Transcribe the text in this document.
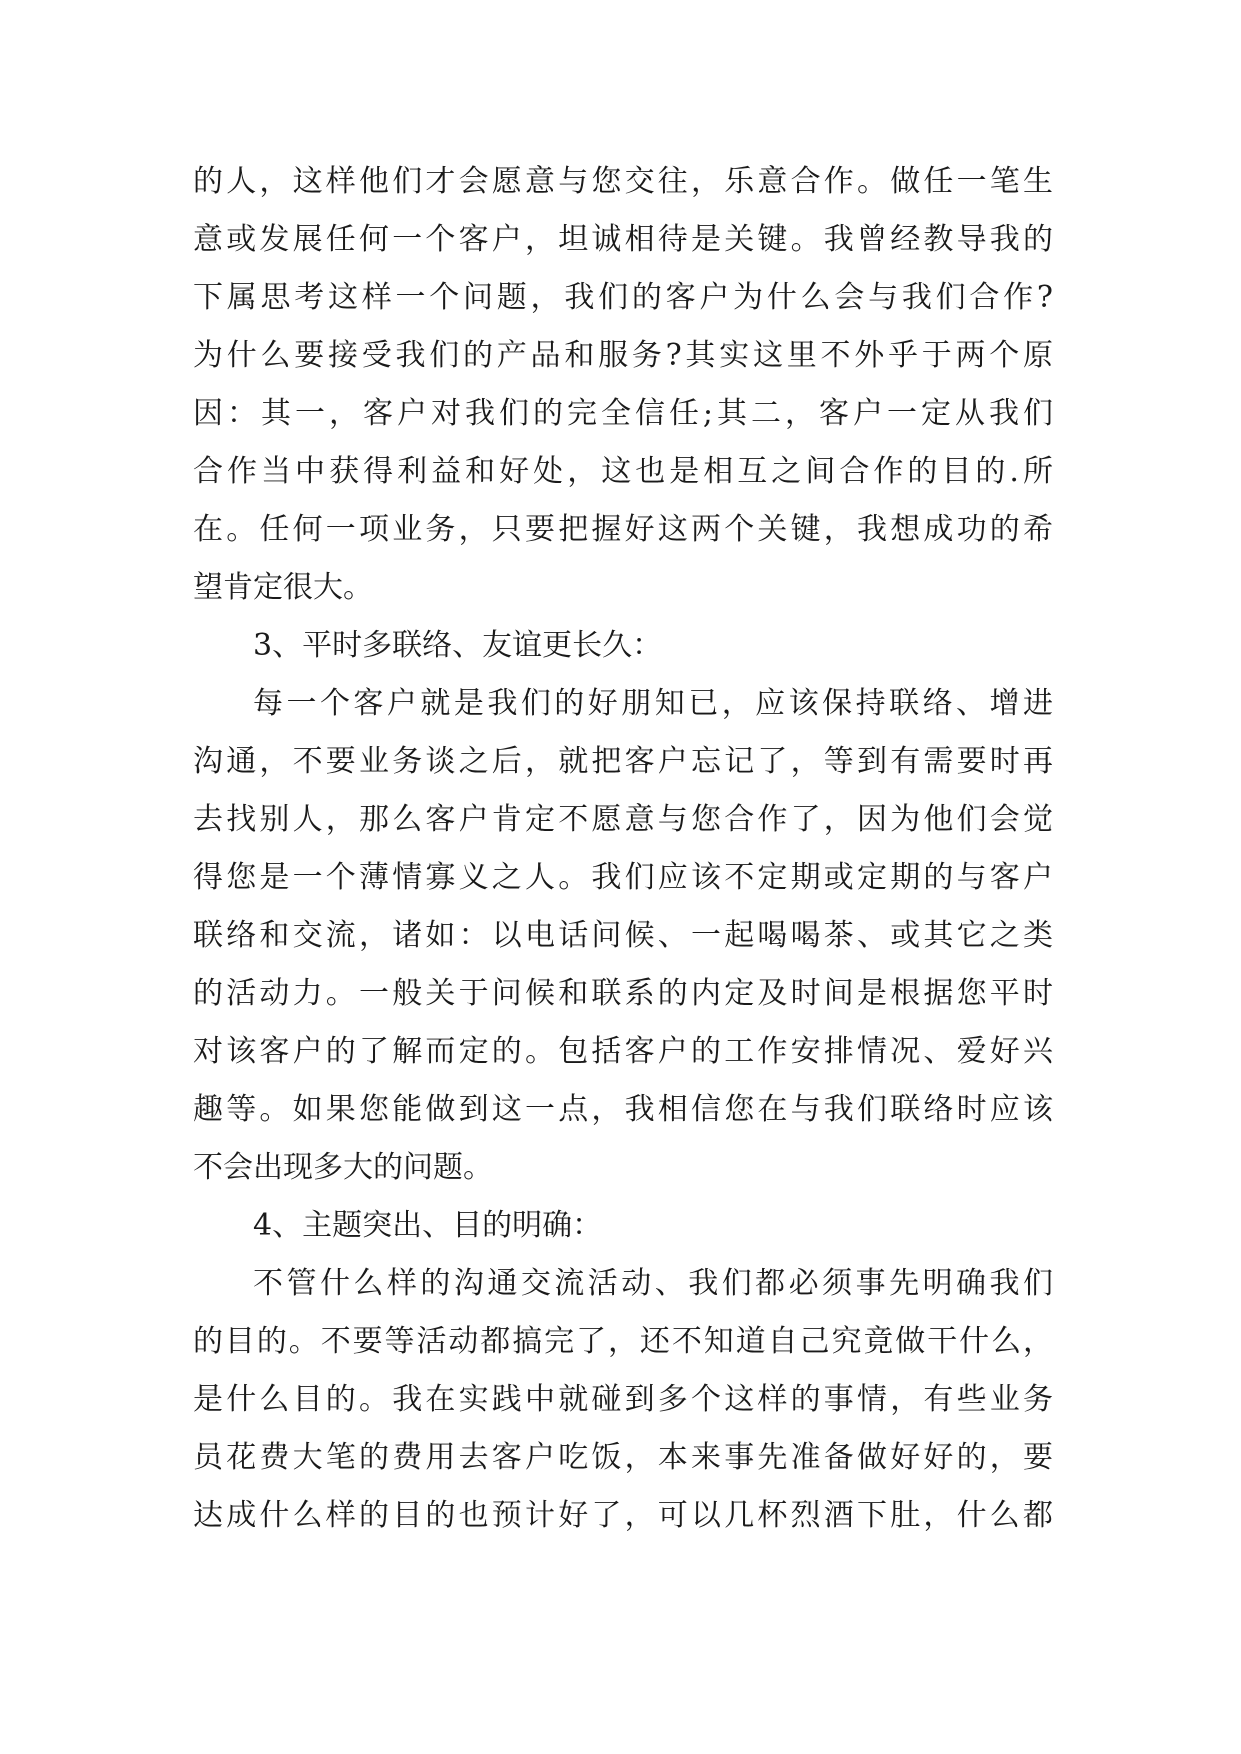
的人，这样他们才会愿意与您交往，乐意合作。做任一笔生
意或发展任何一个客户，坦诚相待是关键。我曾经教导我的
下属思考这样一个问题，我们的客户为什么会与我们合作?
为什么要接受我们的产品和服务?其实这里不外乎于两个原
因：其一，客户对我们的完全信任;其二，客户一定从我们
合作当中获得利益和好处，这也是相互之间合作的目的.所
在。任何一项业务，只要把握好这两个关键，我想成功的希
望肯定很大。
3、平时多联络、友谊更长久：
每一个客户就是我们的好朋知已，应该保持联络、增进
沟通，不要业务谈之后，就把客户忘记了，等到有需要时再
去找别人，那么客户肯定不愿意与您合作了，因为他们会觉
得您是一个薄情寡义之人。我们应该不定期或定期的与客户
联络和交流，诸如：以电话问候、一起喝喝茶、或其它之类
的活动力。一般关于问候和联系的内定及时间是根据您平时
对该客户的了解而定的。包括客户的工作安排情况、爱好兴
趣等。如果您能做到这一点，我相信您在与我们联络时应该
不会出现多大的问题。
4、主题突出、目的明确：
不管什么样的沟通交流活动、我们都必须事先明确我们
的目的。不要等活动都搞完了，还不知道自己究竟做干什么，
是什么目的。我在实践中就碰到多个这样的事情，有些业务
员花费大笔的费用去客户吃饭，本来事先准备做好好的，要
达成什么样的目的也预计好了，可以几杯烈酒下肚，什么都
